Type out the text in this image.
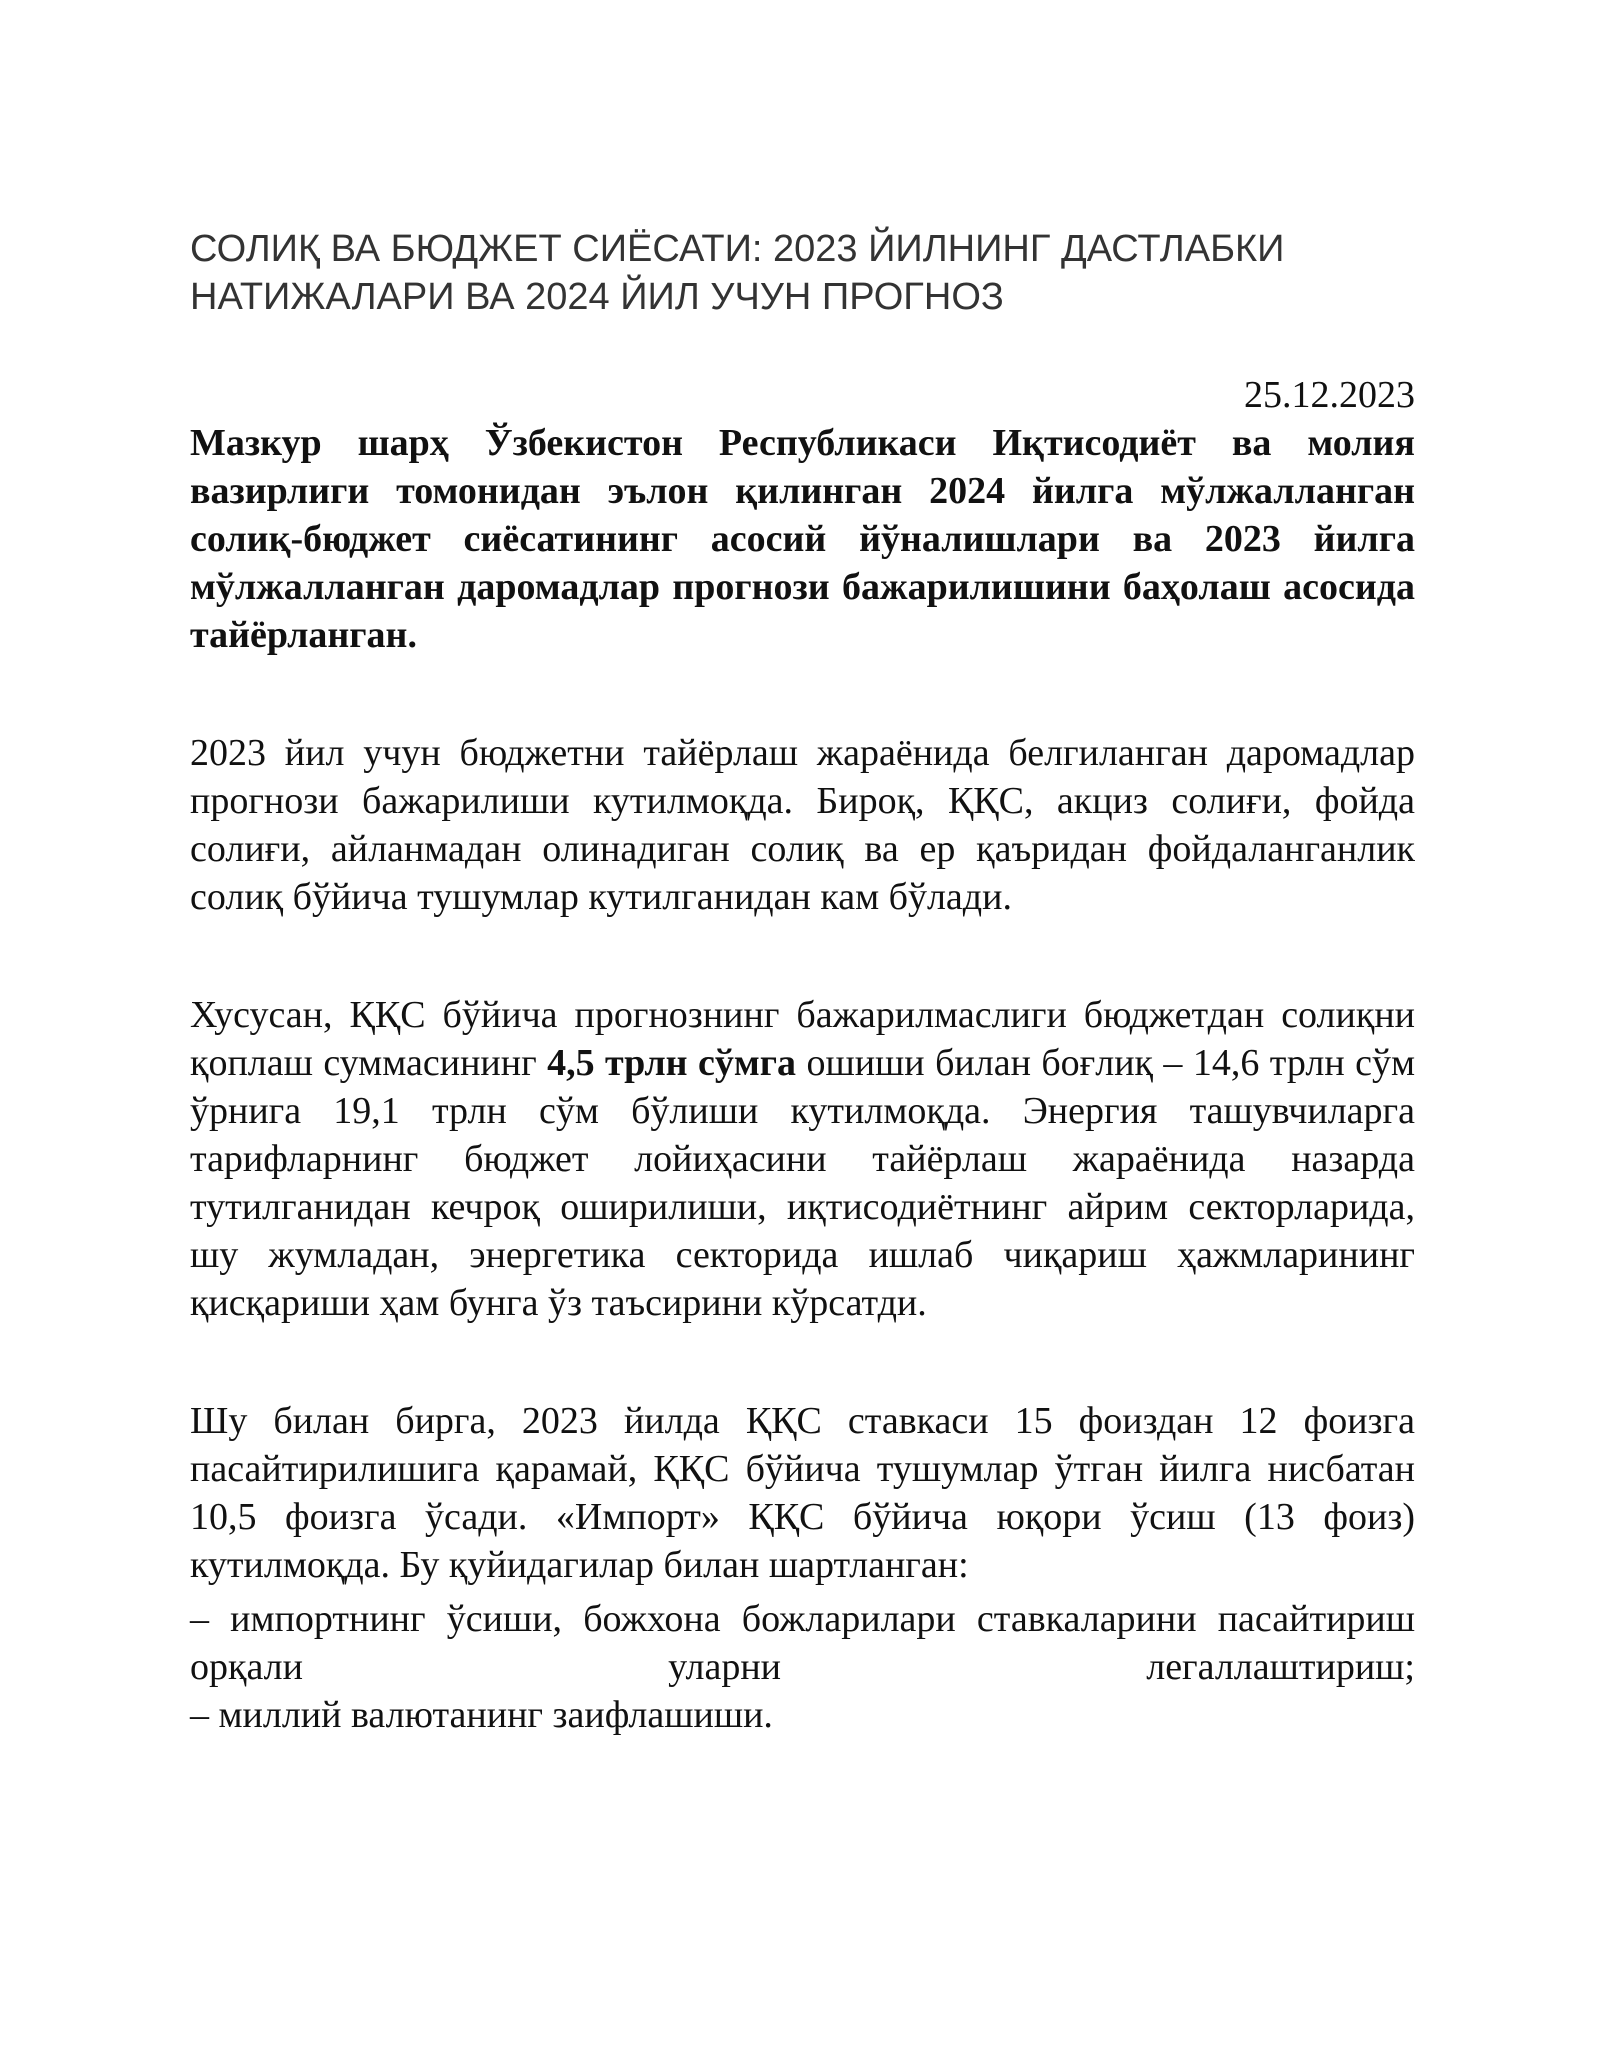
СОЛИҚ ВА БЮДЖЕТ СИЁСАТИ: 2023 ЙИЛНИНГ ДАСТЛАБКИ
НАТИЖАЛАРИ ВА 2024 ЙИЛ УЧУН ПРОГНОЗ
25.12.2023

Мазкур шарҳ Ўзбекистон Республикаси Иқтисодиёт ва молия вазирлиги томонидан эълон қилинган 2024 йилга мўлжалланган солиқ-бюджет сиёсатининг асосий йўналишлари ва 2023 йилга мўлжалланган даромадлар прогнози бажарилишини баҳолаш асосида тайёрланган.

2023 йил учун бюджетни тайёрлаш жараёнида белгиланган даромадлар прогнози бажарилиши кутилмоқда. Бироқ, ҚҚС, акциз солиғи, фойда солиғи, айланмадан олинадиган солиқ ва ер қаъридан фойдаланганлик солиқ бўйича тушумлар кутилганидан кам бўлади.

Хусусан, ҚҚС бўйича прогнознинг бажарилмаслиги бюджетдан солиқни қоплаш суммасининг 4,5 трлн сўмга ошиши билан боғлиқ – 14,6 трлн сўм ўрнига 19,1 трлн сўм бўлиши кутилмоқда. Энергия ташувчиларга тарифларнинг бюджет лойиҳасини тайёрлаш жараёнида назарда тутилганидан кечроқ оширилиши, иқтисодиётнинг айрим секторларида, шу жумладан, энергетика секторида ишлаб чиқариш ҳажмларининг қисқариши ҳам бунга ўз таъсирини кўрсатди.

Шу билан бирга, 2023 йилда ҚҚС ставкаси 15 фоиздан 12 фоизга пасайтирилишига қарамай, ҚҚС бўйича тушумлар ўтган йилга нисбатан 10,5 фоизга ўсади. «Импорт» ҚҚС бўйича юқори ўсиш (13 фоиз) кутилмоқда. Бу қуйидагилар билан шартланган:

– импортнинг ўсиши, божхона божларилари ставкаларини пасайтириш орқали уларни легаллаштириш;
– миллий валютанинг заифлашиши.
